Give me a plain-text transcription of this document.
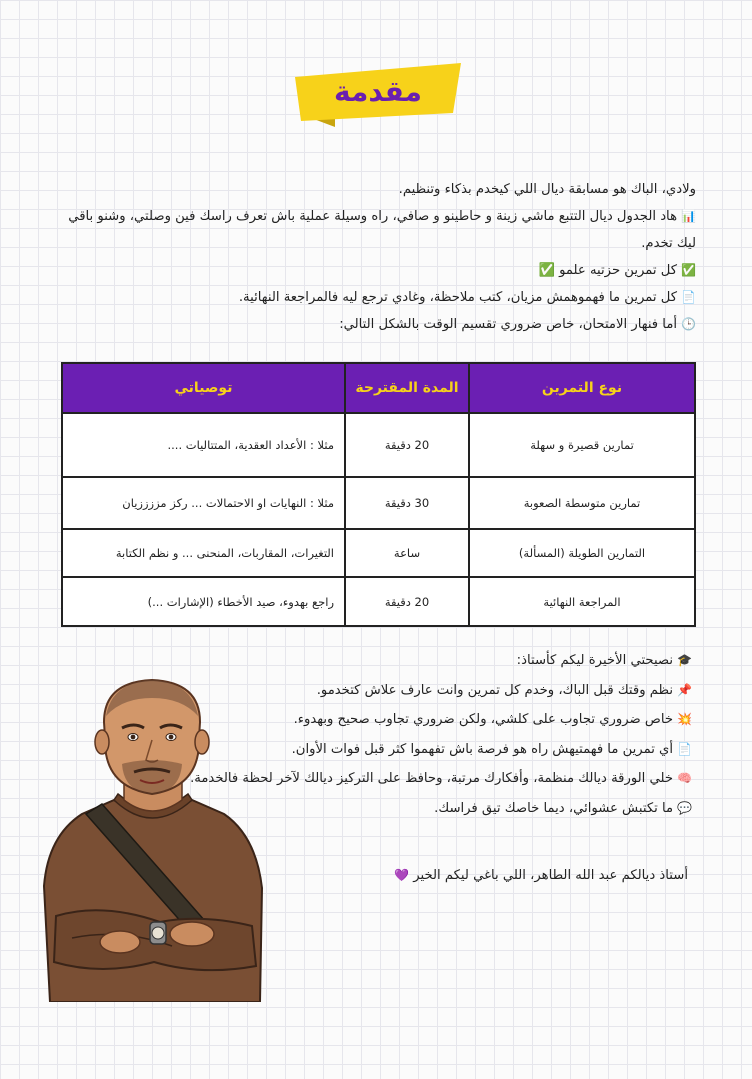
مقدمة

ولادي، الباك هو مسابقة ديال اللي كيخدم بذكاء وتنظيم.

📊هاد الجدول ديال التتبع ماشي زينة و حاطينو و صافي، راه وسيلة عملية باش تعرف راسك فين وصلتي، وشنو باقي ليك تخدم.

✅كل تمرين حزتيه علمو ✅

📄كل تمرين ما فهموهمش مزيان، كتب ملاحظة، وغادي ترجع ليه فالمراجعة النهائية.

🕒أما فنهار الامتحان، خاص ضروري تقسيم الوقت بالشكل التالي:

نوع التمرين	المدة المقترحة	توصياتي
تمارين قصيرة و سهلة	20 دقيقة	مثلا : الأعداد العقدية، المتتاليات ....
تمارين متوسطة الصعوبة	30 دقيقة	مثلا : النهايات او الاحتمالات ... ركز مززززيان
التمارين الطويلة (المسألة)	ساعة	التغيرات، المقاربات، المنحنى ... و نظم الكتابة
المراجعة النهائية	20 دقيقة	راجع بهدوء، صيد الأخطاء (الإشارات ...)

🎓نصيحتي الأخيرة ليكم كأستاذ:

📌نظم وقتك قبل الباك، وخدم كل تمرين وانت عارف علاش كتخدمو.

💥خاص ضروري تجاوب على كلشي، ولكن ضروري تجاوب صحيح وبهدوء.

📄أي تمرين ما فهمتيهش راه هو فرصة باش تفهموا كثر قبل فوات الأوان.

🧠خلي الورقة ديالك منظمة، وأفكارك مرتبة، وحافظ على التركيز ديالك لآخر لحظة فالخدمة.

💬ما تكتبش عشوائي، ديما خاصك تيق فراسك.

أستاذ ديالكم عبد الله الطاهر، اللي باغي ليكم الخير 💜
